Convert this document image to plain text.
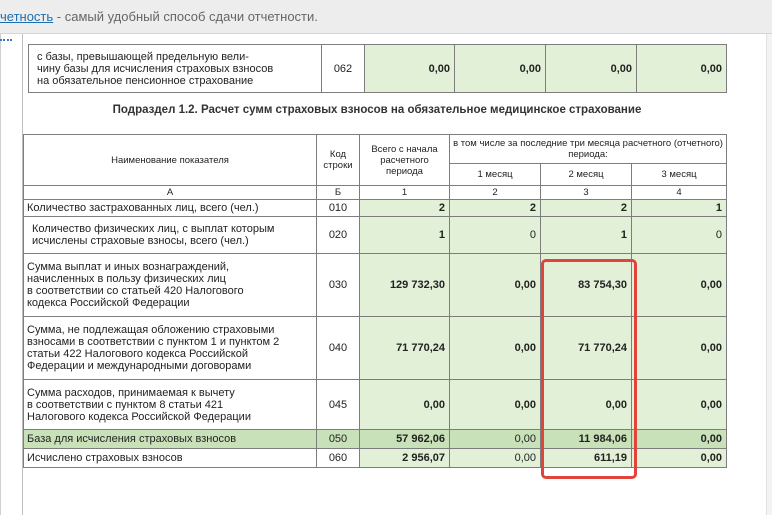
четность - самый удобный способ сдачи отчетности.
с базы, превышающей предельную вели-
чину базы для исчисления страховых взносов
на обязательное пенсионное страхование	062	0,00	0,00	0,00	0,00
Подраздел 1.2. Расчет сумм страховых взносов на обязательное медицинское страхование
Наименование показателя	Код строки	Всего с начала расчетного периода	в том числе за последние три месяца расчетного (отчетного) периода:		
			1 месяц	2 месяц	3 месяц
А	Б	1	2	3	4
Количество застрахованных лиц, всего (чел.)	010	2	2	2	1
Количество физических лиц, с выплат которым
исчислены страховые взносы, всего (чел.)	020	1	0	1	0
Сумма выплат и иных вознаграждений,
начисленных в пользу физических лиц
в соответствии со статьей 420 Налогового
кодекса Российской Федерации	030	129 732,30	0,00	83 754,30	0,00
Сумма, не подлежащая обложению страховыми
взносами в соответствии с пунктом 1 и пунктом 2
статьи 422 Налогового кодекса Российской
Федерации и международными договорами	040	71 770,24	0,00	71 770,24	0,00
Сумма расходов, принимаемая к вычету
в соответствии с пунктом 8 статьи 421
Налогового кодекса Российской Федерации	045	0,00	0,00	0,00	0,00
База для исчисления страховых взносов	050	57 962,06	0,00	11 984,06	0,00
Исчислено страховых взносов	060	2 956,07	0,00	611,19	0,00
